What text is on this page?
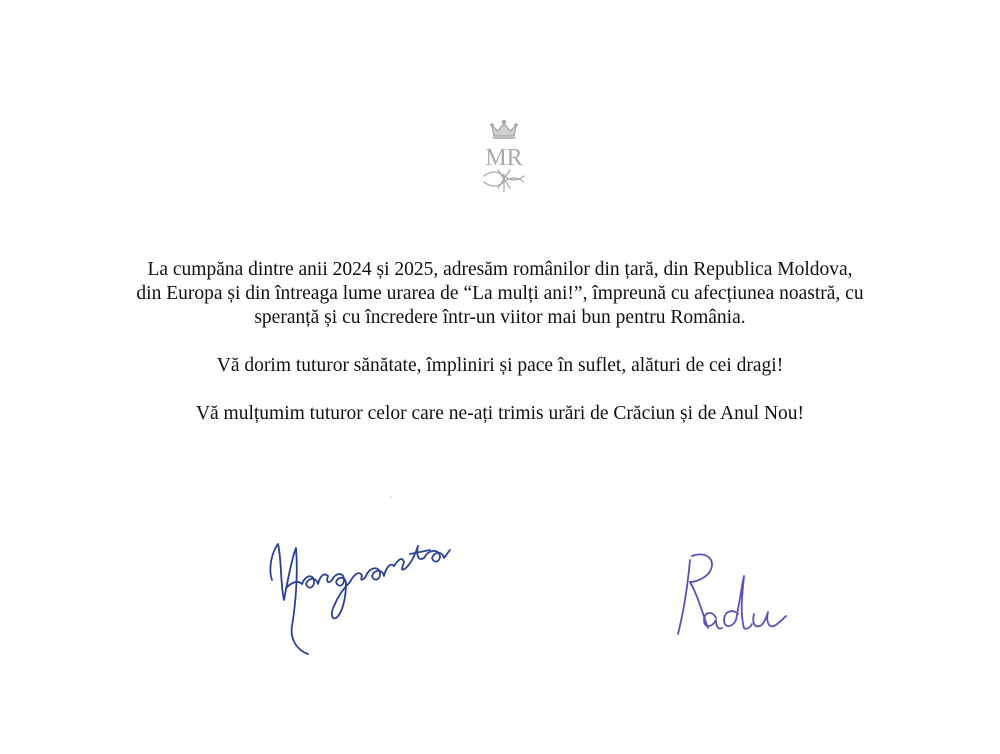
MR

La cumpăna dintre anii 2024 și 2025, adresăm românilor din țară, din Republica Moldova,

din Europa și din întreaga lume urarea de “La mulți ani!”, împreună cu afecțiunea noastră, cu

speranță și cu încredere într-un viitor mai bun pentru România.

Vă dorim tuturor sănătate, împliniri și pace în suflet, alături de cei dragi!

Vă mulțumim tuturor celor care ne-ați trimis urări de Crăciun și de Anul Nou!
